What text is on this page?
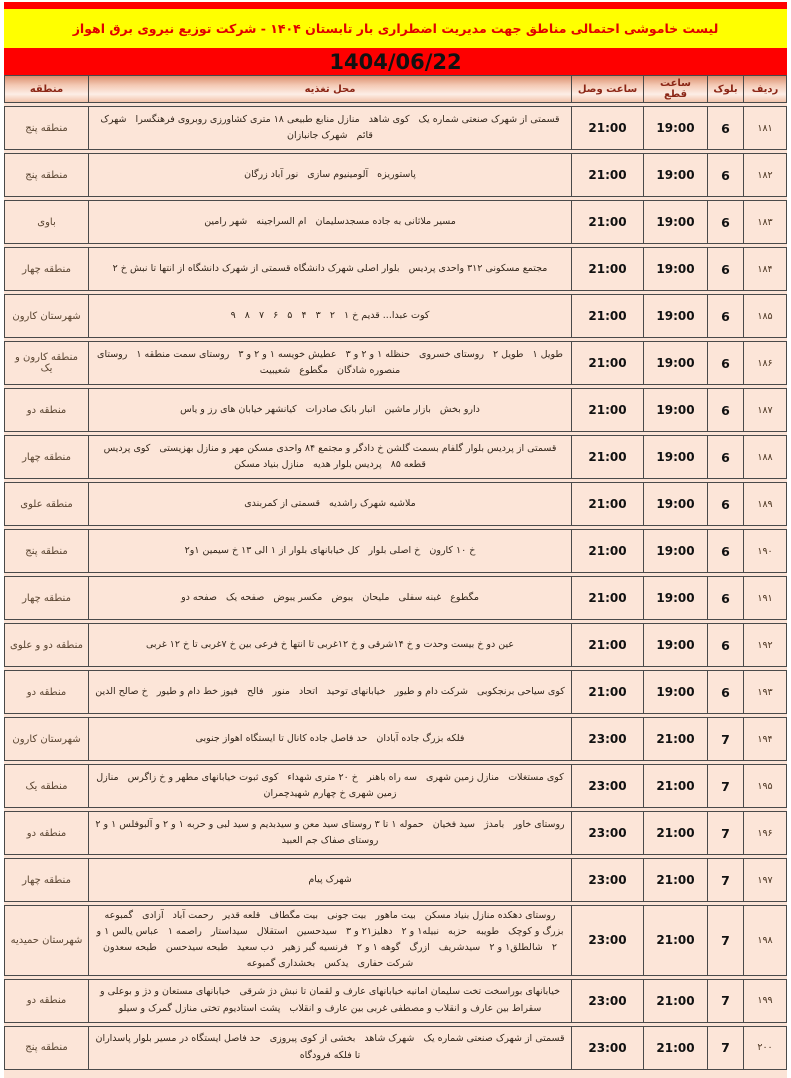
لیست خاموشی احتمالی مناطق جهت مدیریت اضطراری بار تابستان ۱۴۰۴ - شرکت توزیع نیروی برق اهواز
1404/06/22
ردیف
بلوک
ساعت قطع
ساعت وصل
محل تغذیه
منطقه
۱۸۱
6
19:00
21:00
قسمتی از شهرک صنعتی شماره یک   کوی شاهد   منازل منابع طبیعی ۱۸ متری کشاورزی روبروی فرهنگسرا   شهرک قائم   شهرک جانبازان
منطقه پنج
۱۸۲
6
19:00
21:00
پاستوریزه   آلومینیوم سازی   نور آباد زرگان
منطقه پنج
۱۸۳
6
19:00
21:00
مسیر ملاثانی به جاده مسجدسلیمان   ام السراجینه   شهر رامین
باوی
۱۸۴
6
19:00
21:00
مجتمع مسکونی ۳۱۲ واحدی پردیس   بلوار اصلی شهرک دانشگاه قسمتی از شهرک دانشگاه از انتها تا نبش خ ۲
منطقه چهار
۱۸۵
6
19:00
21:00
کوت عبدا... قدیم خ ۱   ۲   ۳   ۴   ۵   ۶   ۷   ۸   ۹
شهرستان کارون
۱۸۶
6
19:00
21:00
طویل ۱   طویل ۲   روستای خسروی   حنظله ۱ و ۲ و ۳   عطیش خویسه ۱ و ۲ و ۳   روستای سمت منطقه ۱   روستای منصوره شادگان   مگطوع   شعیبیت
منطقه کارون و یک
۱۸۷
6
19:00
21:00
دارو بخش   بازار ماشین   انبار بانک صادرات   کیانشهر خیابان های رز و یاس
منطقه دو
۱۸۸
6
19:00
21:00
قسمتی از پردیس بلوار گلفام بسمت گلشن خ دادگر و مجتمع ۸۴ واحدی مسکن مهر و منازل بهزیستی   کوی پردیس قطعه ۸۵   پردیس بلوار هدیه   منازل بنیاد مسکن
منطقه چهار
۱۸۹
6
19:00
21:00
ملاشیه شهرک راشدیه   قسمتی از کمربندی
منطقه علوی
۱۹۰
6
19:00
21:00
خ ۱۰ کارون   خ اصلی بلوار   کل خیابانهای بلوار از ۱ الی ۱۳ خ سیمین ۱و۲
منطقه پنج
۱۹۱
6
19:00
21:00
مگطوع   غبنه سفلی   ملیحان   یبوض   مکسر یبوض   صفحه یک   صفحه دو
منطقه چهار
۱۹۲
6
19:00
21:00
عین دو خ بیست وحدت و خ ۱۴شرقی و خ ۱۲غربی تا انتها خ فرعی بین خ ۷غربی تا خ ۱۲ غربی
منطقه دو و علوی
۱۹۳
6
19:00
21:00
کوی سیاحی برنجکوبی   شرکت دام و طیور   خیابانهای توحید   اتحاد   منور   فالح   فیوز خط دام و طیور   خ صالح الدین
منطقه دو
۱۹۴
7
21:00
23:00
فلکه بزرگ جاده آبادان   حد فاصل جاده کانال تا ایستگاه اهواز جنوبی
شهرستان کارون
۱۹۵
7
21:00
23:00
کوی مستغلات   منازل زمین شهری   سه راه باهنر   خ ۲۰ متری شهداء   کوی ثبوت خیابانهای مطهر و خ زاگرس   منازل زمین شهری خ چهارم شهیدچمران
منطقه یک
۱۹۶
7
21:00
23:00
روستای خاور   بامدژ   سید فخیان   حموله ۱ تا ۳ روستای سید معن و سیدبدیم و سید لبی و حربه ۱ و ۲ و آلبوفلس ۱ و ۲   روستای صفاک جم العبید
منطقه دو
۱۹۷
7
21:00
23:00
شهرک پیام
منطقه چهار
۱۹۸
7
21:00
23:00
روستای دهکده منازل بنیاد مسکن   بیت ماهور   بیت جونی   بیت مگطاف   قلعه قدیر   رحمت آباد   آزادی   گمبوعه بزرگ و کوچک   طویبه   حزبه   نبیله۱ و ۲   دهلیز۲۱ و ۳   سیدحسین   استقلال   سیداستار   راصمه ۱   عباس یالس ۱ و ۲   شالطلق۱ و ۲   سیدشریف   ازرگ   گوهه ۱ و ۲   فرنسیه گبر زهیر   دب سعید   طبحه سیدحسن   طبحه سعدون   شرکت حفاری   یدکس   بخشداری گمبوعه
شهرستان حمیدیه
۱۹۹
7
21:00
23:00
خیابانهای بوراسخت تخت سلیمان امانیه خیابانهای عارف و لقمان تا نبش دژ شرقی   خیابانهای مستعان و دژ و بوعلی و سقراط بین عارف و انقلاب و مصطفی غربی بین عارف و انقلاب   پشت استادیوم تختی منازل گمرک و سیلو
منطقه دو
۲۰۰
7
21:00
23:00
قسمتی از شهرک صنعتی شماره یک   شهرک شاهد   بخشی از کوی پیروزی   حد فاصل ایستگاه در مسیر بلوار پاسداران تا فلکه فرودگاه
منطقه پنج
